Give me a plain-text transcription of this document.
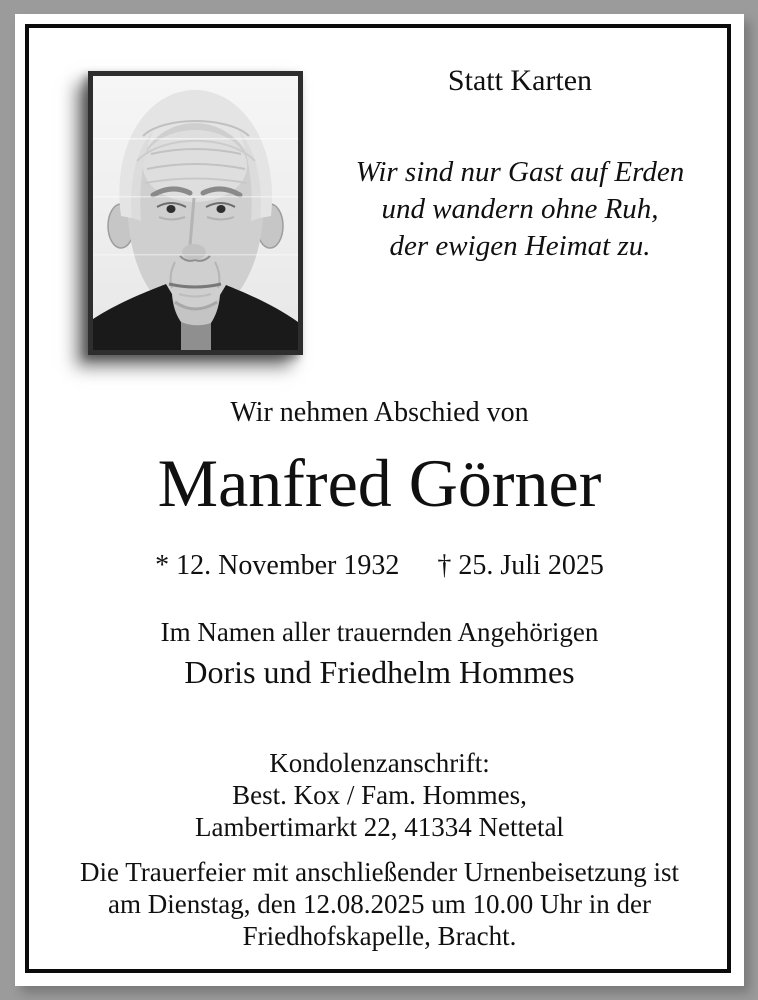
Statt Karten
Wir sind nur Gast auf Erden
und wandern ohne Ruh,
der ewigen Heimat zu.
Wir nehmen Abschied von
Manfred Görner
* 12. November 1932 † 25. Juli 2025
Im Namen aller trauernden Angehörigen
Doris und Friedhelm Hommes
Kondolenzanschrift:
Best. Kox / Fam. Hommes,
Lambertimarkt 22, 41334 Nettetal
Die Trauerfeier mit anschließender Urnenbeisetzung ist
am Dienstag, den 12.08.2025 um 10.00 Uhr in der
Friedhofskapelle, Bracht.
